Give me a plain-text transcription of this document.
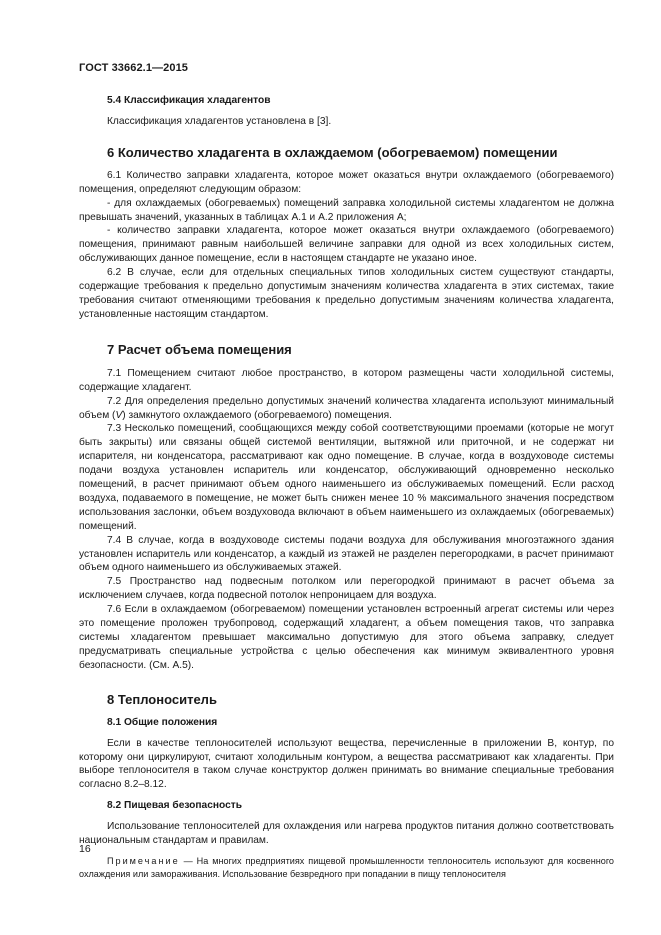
ГОСТ 33662.1—2015
5.4 Классификация хладагентов

Классификация хладагентов установлена в [3].

6 Количество хладагента в охлаждаемом (обогреваемом) помещении

6.1 Количество заправки хладагента, которое может оказаться внутри охлаждаемого (обогреваемого) помещения, определяют следующим образом:

- для охлаждаемых (обогреваемых) помещений заправка холодильной системы хладагентом не должна превышать значений, указанных в таблицах А.1 и А.2 приложения А;

- количество заправки хладагента, которое может оказаться внутри охлаждаемого (обогреваемого) помещения, принимают равным наибольшей величине заправки для одной из всех холодильных систем, обслуживающих данное помещение, если в настоящем стандарте не указано иное.

6.2 В случае, если для отдельных специальных типов холодильных систем существуют стандарты, содержащие требования к предельно допустимым значениям количества хладагента в этих системах, такие требования считают отменяющими требования к предельно допустимым значениям количества хладагента, установленные настоящим стандартом.

7 Расчет объема помещения

7.1 Помещением считают любое пространство, в котором размещены части холодильной системы, содержащие хладагент.

7.2 Для определения предельно допустимых значений количества хладагента используют минимальный объем (V) замкнутого охлаждаемого (обогреваемого) помещения.

7.3 Несколько помещений, сообщающихся между собой соответствующими проемами (которые не могут быть закрыты) или связаны общей системой вентиляции, вытяжной или приточной, и не содержат ни испарителя, ни конденсатора, рассматривают как одно помещение. В случае, когда в воздуховоде системы подачи воздуха установлен испаритель или конденсатор, обслуживающий одновременно несколько помещений, в расчет принимают объем одного наименьшего из обслуживаемых помещений. Если расход воздуха, подаваемого в помещение, не может быть снижен менее 10 % максимального значения посредством использования заслонки, объем воздуховода включают в объем наименьшего из охлаждаемых (обогреваемых) помещений.

7.4 В случае, когда в воздуховоде системы подачи воздуха для обслуживания многоэтажного здания установлен испаритель или конденсатор, а каждый из этажей не разделен перегородками, в расчет принимают объем одного наименьшего из обслуживаемых этажей.

7.5 Пространство над подвесным потолком или перегородкой принимают в расчет объема за исключением случаев, когда подвесной потолок непроницаем для воздуха.

7.6 Если в охлаждаемом (обогреваемом) помещении установлен встроенный агрегат системы или через это помещение проложен трубопровод, содержащий хладагент, а объем помещения таков, что заправка системы хладагентом превышает максимально допустимую для этого объема заправку, следует предусматривать специальные устройства с целью обеспечения как минимум эквивалентного уровня безопасности. (См. А.5).

8 Теплоноситель
8.1 Общие положения

Если в качестве теплоносителей используют вещества, перечисленные в приложении В, контур, по которому они циркулируют, считают холодильным контуром, а вещества рассматривают как хладагенты. При выборе теплоносителя в таком случае конструктор должен принимать во внимание специальные требования согласно 8.2–8.12.

8.2 Пищевая безопасность

Использование теплоносителей для охлаждения или нагрева продуктов питания должно соответствовать национальным стандартам и правилам.

Примечание — На многих предприятиях пищевой промышленности теплоноситель используют для косвенного охлаждения или замораживания. Использование безвредного при попадании в пищу теплоносителя

16
